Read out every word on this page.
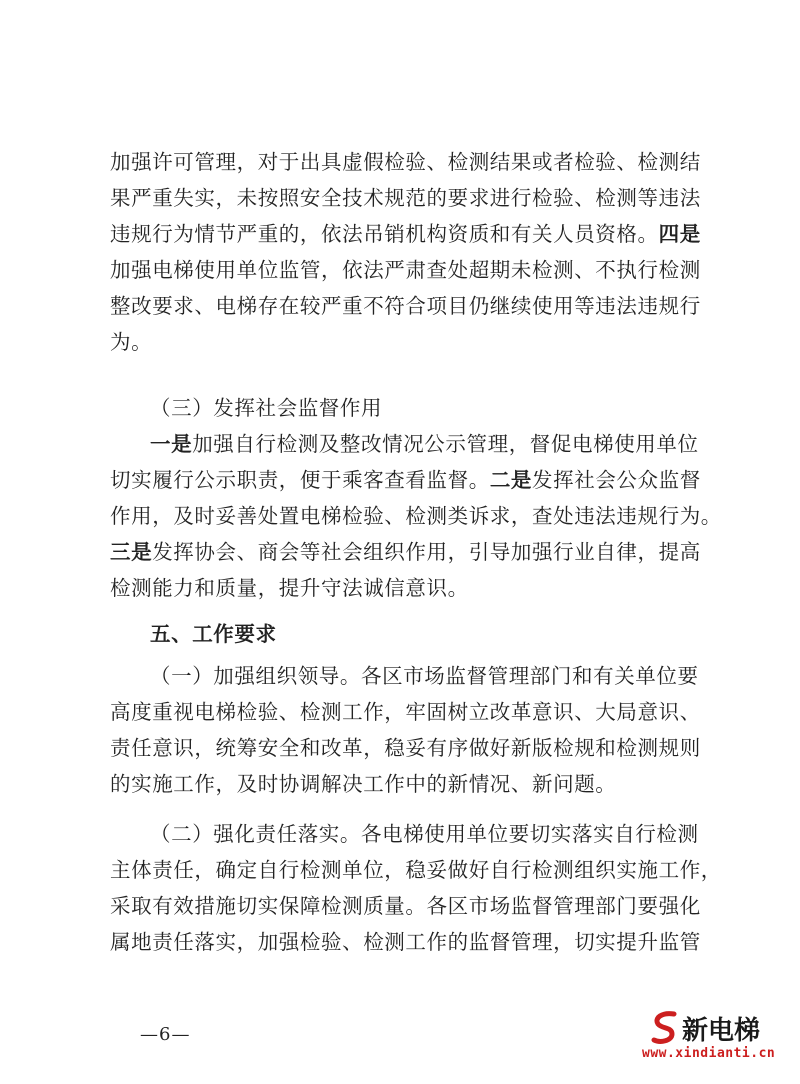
加强许可管理，对于出具虚假检验、检测结果或者检验、检测结
果严重失实，未按照安全技术规范的要求进行检验、检测等违法
违规行为情节严重的，依法吊销机构资质和有关人员资格。四是
加强电梯使用单位监管，依法严肃查处超期未检测、不执行检测
整改要求、电梯存在较严重不符合项目仍继续使用等违法违规行
为。
（三）发挥社会监督作用
一是加强自行检测及整改情况公示管理，督促电梯使用单位
切实履行公示职责，便于乘客查看监督。二是发挥社会公众监督
作用，及时妥善处置电梯检验、检测类诉求，查处违法违规行为。
三是发挥协会、商会等社会组织作用，引导加强行业自律，提高
检测能力和质量，提升守法诚信意识。
五、工作要求
（一）加强组织领导。各区市场监督管理部门和有关单位要
高度重视电梯检验、检测工作，牢固树立改革意识、大局意识、
责任意识，统筹安全和改革，稳妥有序做好新版检规和检测规则
的实施工作，及时协调解决工作中的新情况、新问题。
（二）强化责任落实。各电梯使用单位要切实落实自行检测
主体责任，确定自行检测单位，稳妥做好自行检测组织实施工作，
采取有效措施切实保障检测质量。各区市场监督管理部门要强化
属地责任落实，加强检验、检测工作的监督管理，切实提升监管
—6—	新电梯
www.xindianti.cn
